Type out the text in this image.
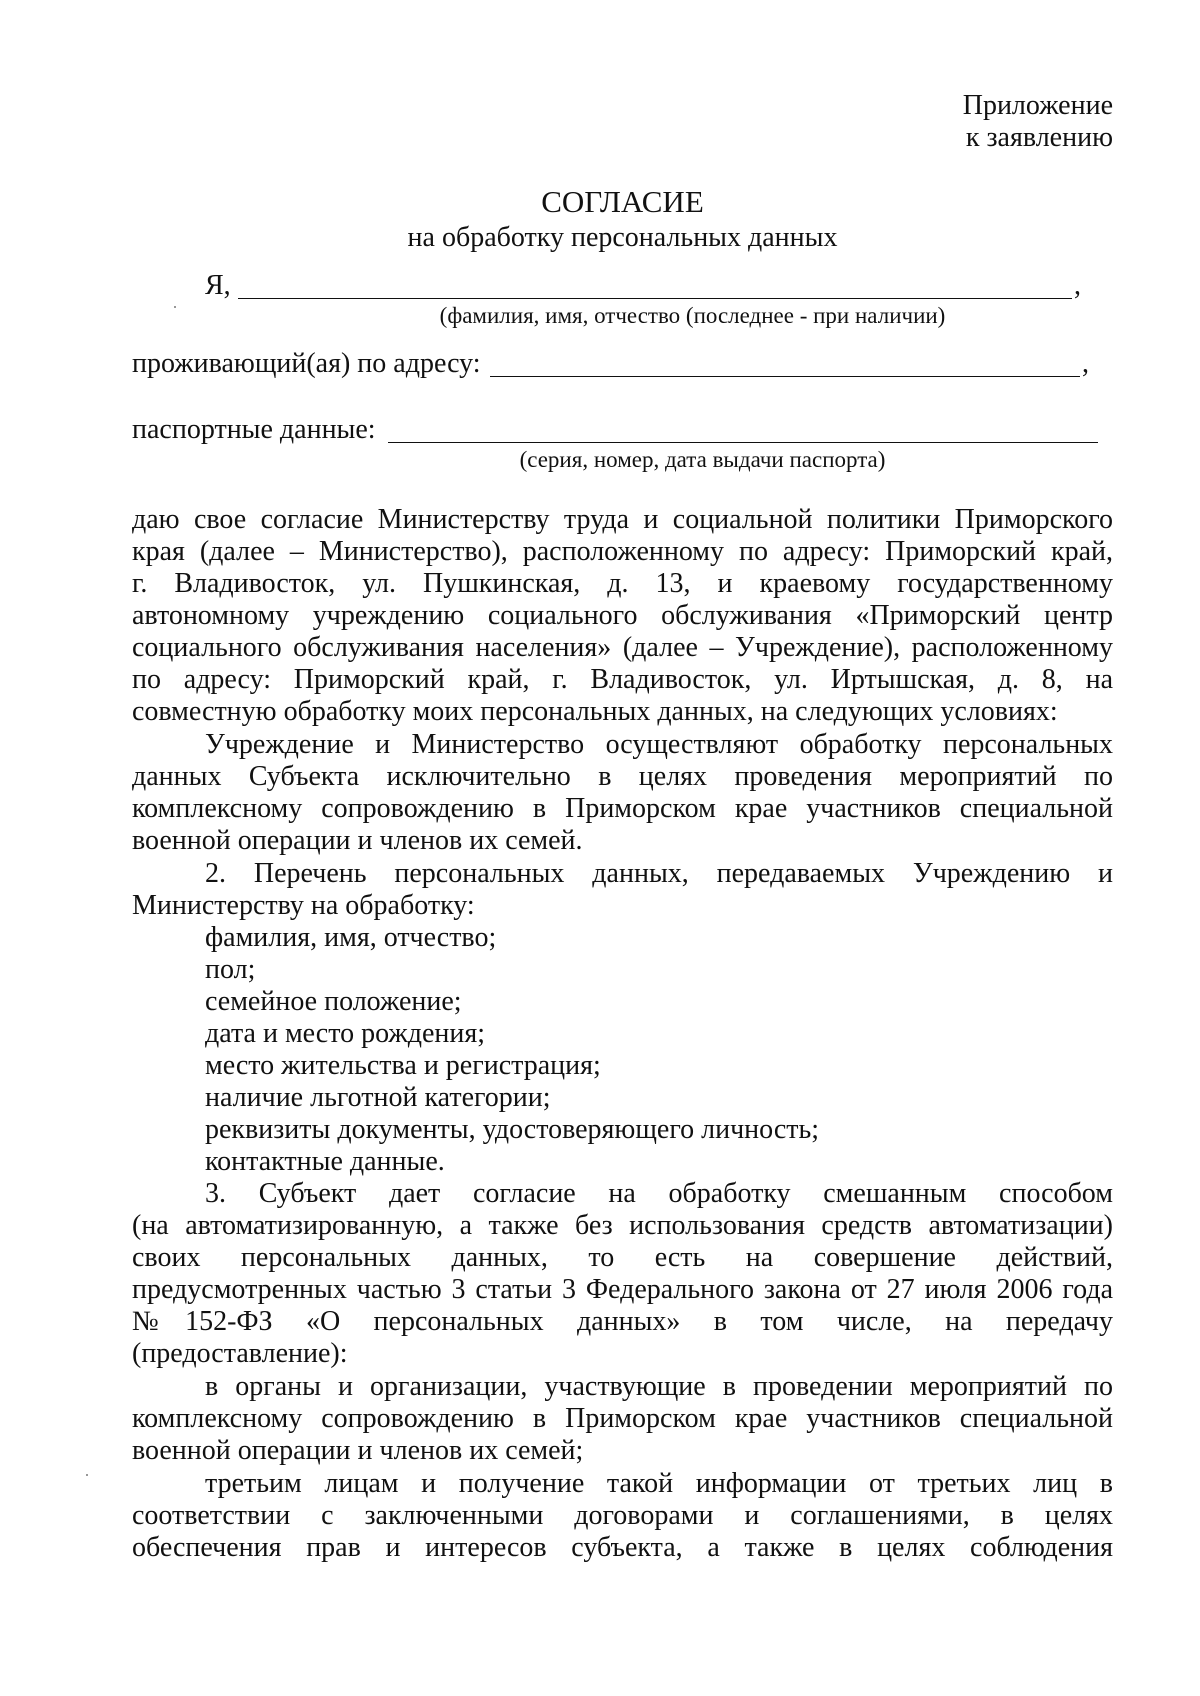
Приложение
к заявлению
СОГЛАСИЕ
на обработку персональных данных
Я,	,
(фамилия, имя, отчество (последнее - при наличии)
проживающий(ая) по адресу:	,
паспортные данные:
(серия, номер, дата выдачи паспорта)
даю свое согласие Министерству труда и социальной политики Приморского
края (далее – Министерство), расположенному по адресу: Приморский край,
г. Владивосток, ул. Пушкинская, д. 13, и краевому государственному
автономному учреждению социального обслуживания «Приморский центр
социального обслуживания населения» (далее – Учреждение), расположенному
по адресу: Приморский край, г. Владивосток, ул. Иртышская, д. 8, на
совместную обработку моих персональных данных, на следующих условиях:
Учреждение и Министерство осуществляют обработку персональных
данных Субъекта исключительно в целях проведения мероприятий по
комплексному сопровождению в Приморском крае участников специальной
военной операции и членов их семей.
2. Перечень персональных данных, передаваемых Учреждению и
Министерству на обработку:
фамилия, имя, отчество;
пол;
семейное положение;
дата и место рождения;
место жительства и регистрация;
наличие льготной категории;
реквизиты документы, удостоверяющего личность;
контактные данные.
3. Субъект дает согласие на обработку смешанным способом
(на автоматизированную, а также без использования средств автоматизации)
своих персональных данных, то есть на совершение действий,
предусмотренных частью 3 статьи 3 Федерального закона от 27 июля 2006 года
№152-ФЗ «О персональных данных» в том числе, на передачу
(предоставление):
в органы и организации, участвующие в проведении мероприятий по
комплексному сопровождению в Приморском крае участников специальной
военной операции и членов их семей;
третьим лицам и получение такой информации от третьих лиц в
соответствии с заключенными договорами и соглашениями, в целях
обеспечения прав и интересов субъекта, а также в целях соблюдения
